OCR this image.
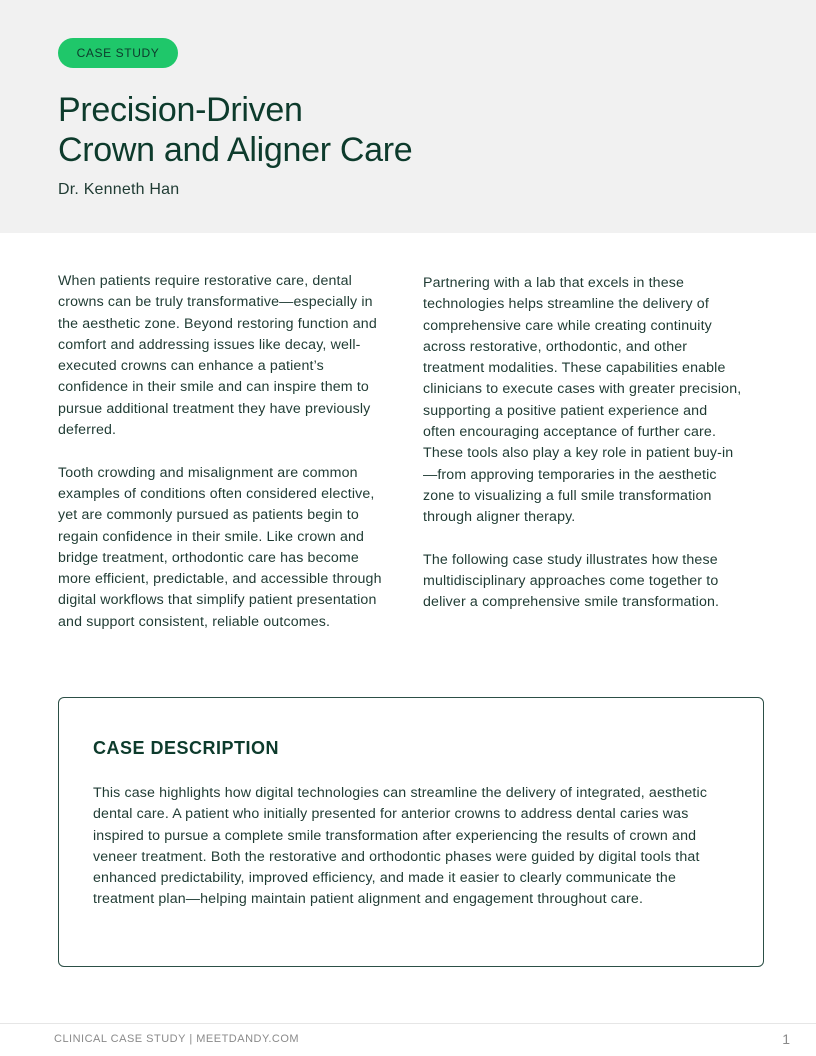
CASE STUDY
Precision-Driven
Crown and Aligner Care
Dr. Kenneth Han

When patients require restorative care, dental crowns can be truly transformative—especially in the aesthetic zone. Beyond restoring function and comfort and addressing issues like decay, well-executed crowns can enhance a patient’s confidence in their smile and can inspire them to pursue additional treatment they have previously deferred.

Tooth crowding and misalignment are common examples of conditions often considered elective, yet are commonly pursued as patients begin to regain confidence in their smile. Like crown and bridge treatment, orthodontic care has become more efficient, predictable, and accessible through digital workflows that simplify patient presentation and support consistent, reliable outcomes.

Partnering with a lab that excels in these technologies helps streamline the delivery of comprehensive care while creating continuity across restorative, orthodontic, and other treatment modalities. These capabilities enable clinicians to execute cases with greater precision, supporting a positive patient experience and often encouraging acceptance of further care. These tools also play a key role in patient buy-in—from approving temporaries in the aesthetic zone to visualizing a full smile transformation through aligner therapy.

The following case study illustrates how these multidisciplinary approaches come together to deliver a comprehensive smile transformation.

CASE DESCRIPTION

This case highlights how digital technologies can streamline the delivery of integrated, aesthetic dental care. A patient who initially presented for anterior crowns to address dental caries was inspired to pursue a complete smile transformation after experiencing the results of crown and veneer treatment. Both the restorative and orthodontic phases were guided by digital tools that enhanced predictability, improved efficiency, and made it easier to clearly communicate the treatment plan—helping maintain patient alignment and engagement throughout care.

CLINICAL CASE STUDY | MEETDANDY.COM	1
